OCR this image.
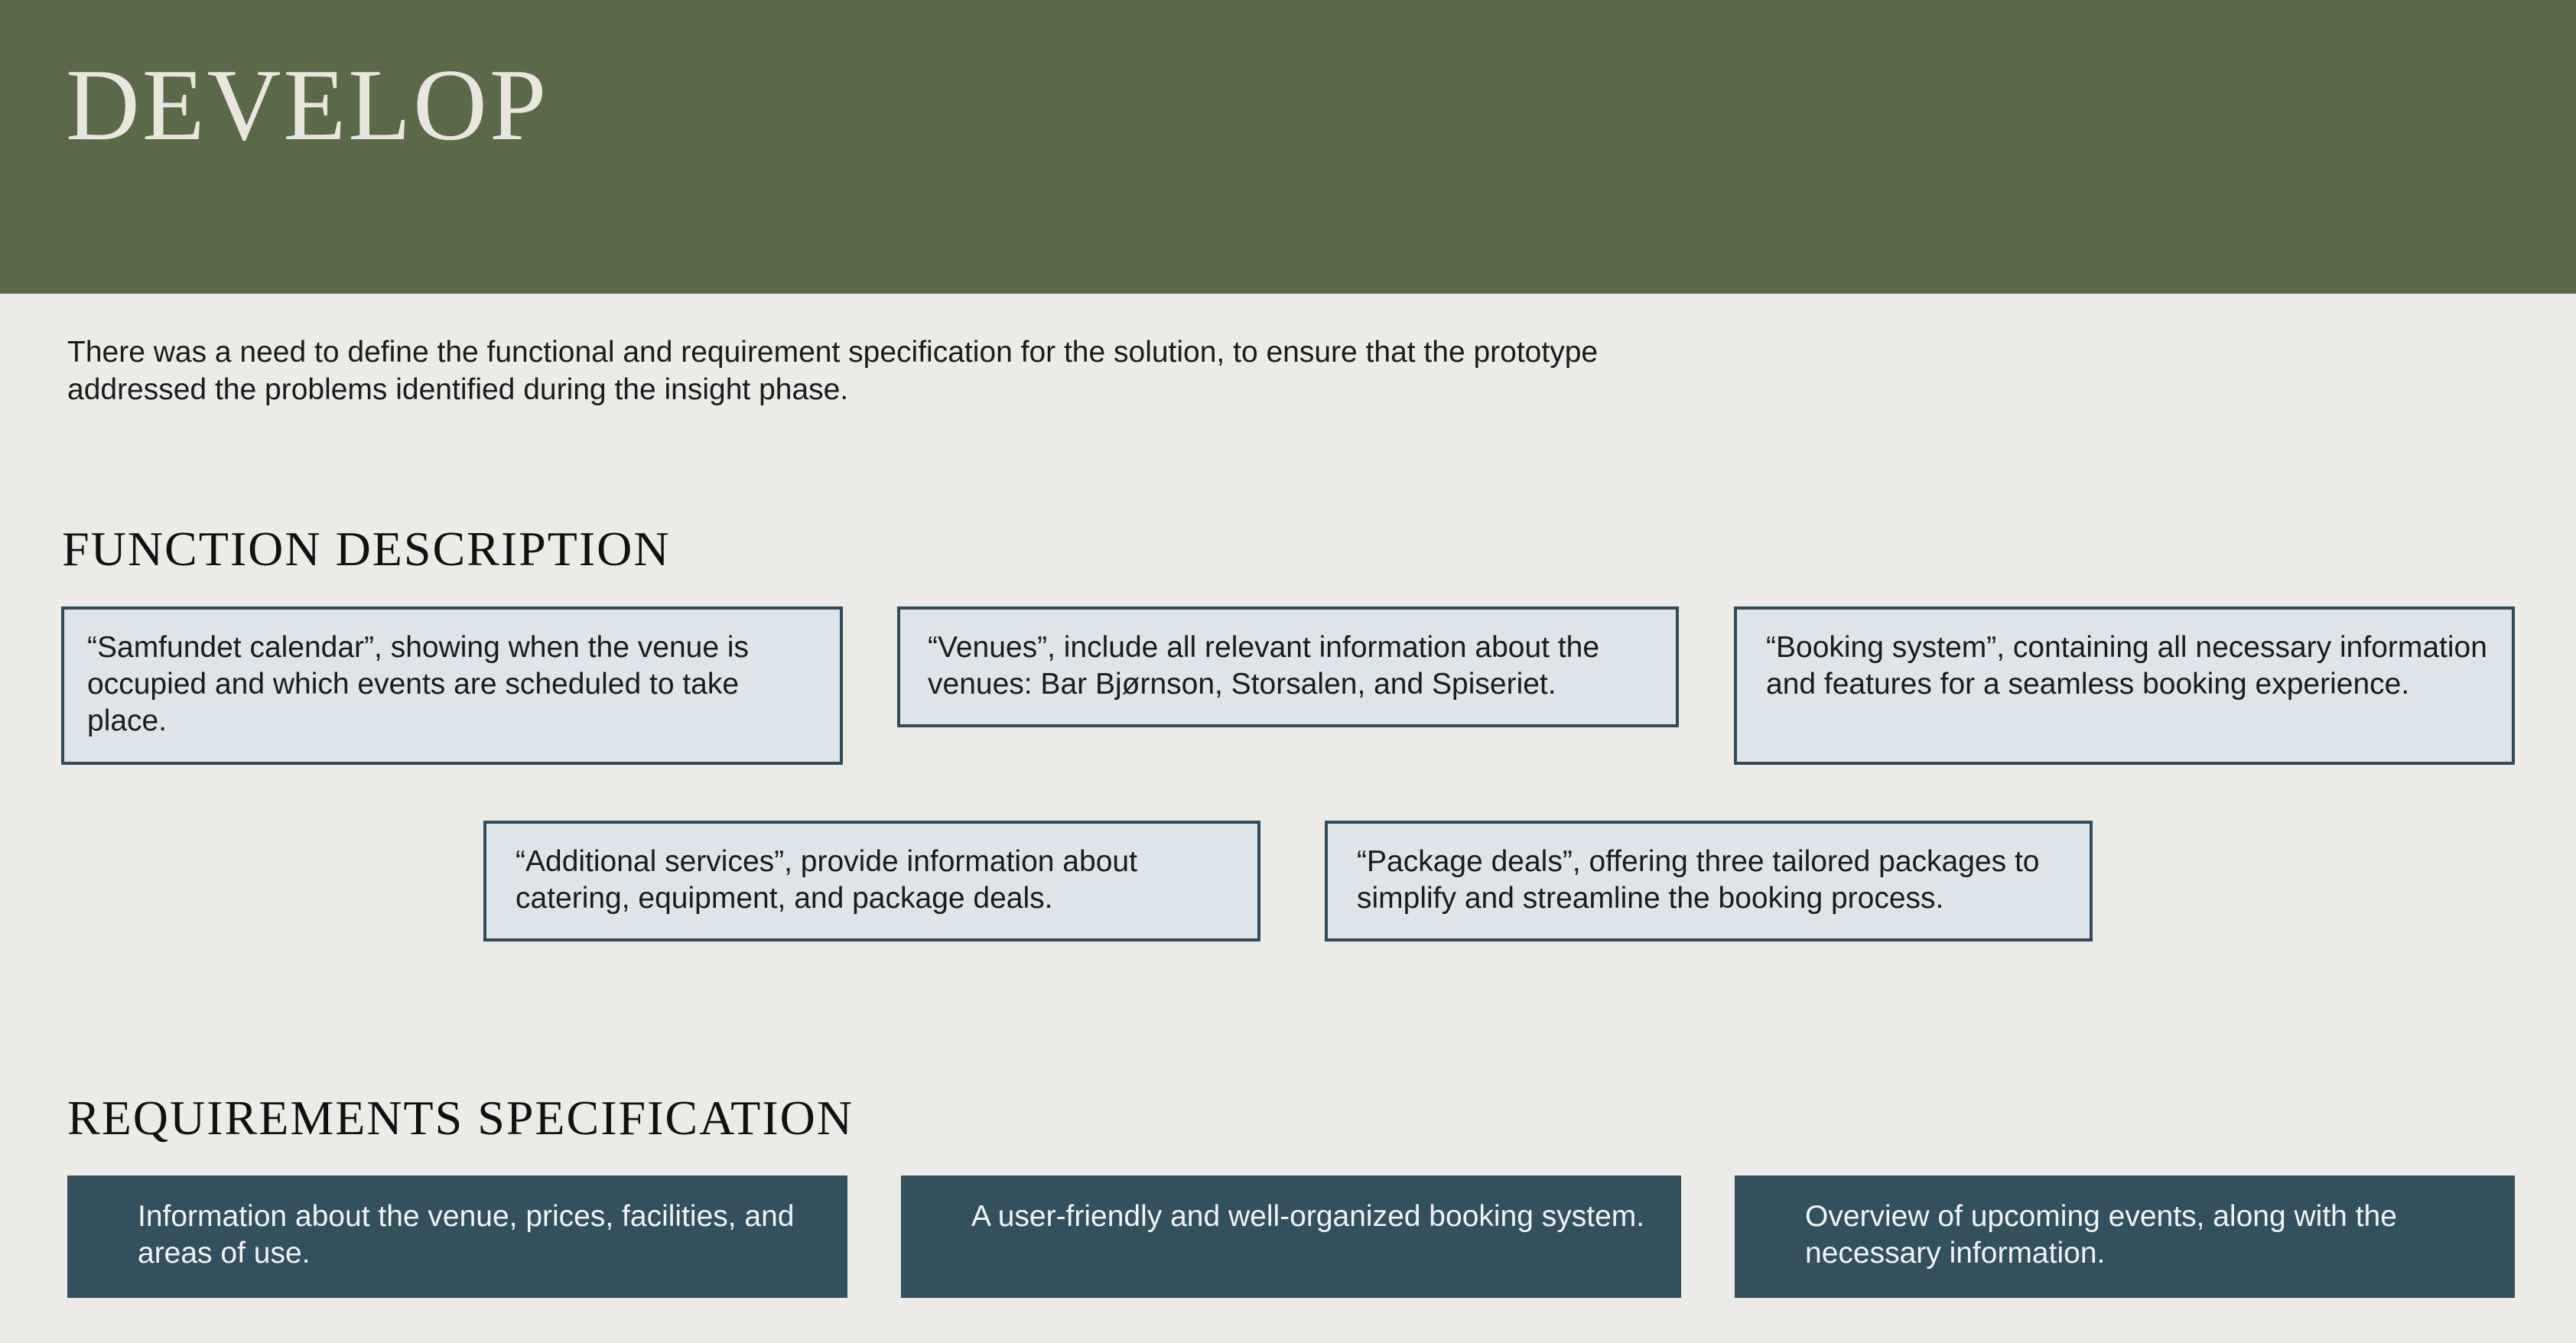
DEVELOP

There was a need to define the functional and requirement specification for the solution, to ensure that the prototype addressed the problems identified during the insight phase.

FUNCTION DESCRIPTION
“Samfundet calendar”, showing when the venue is occupied and which events are scheduled to take place.
“Venues”, include all relevant information about the venues: Bar Bjørnson, Storsalen, and Spiseriet.
“Booking system”, containing all necessary information and features for a seamless booking experience.
“Additional services”, provide information about catering, equipment, and package deals.
“Package deals”, offering three tailored packages to simplify and streamline the booking process.
REQUIREMENTS SPECIFICATION
Information about the venue, prices, facilities, and areas of use.
A user-friendly and well-organized booking system.	Overview of upcoming events, along with the necessary information.
